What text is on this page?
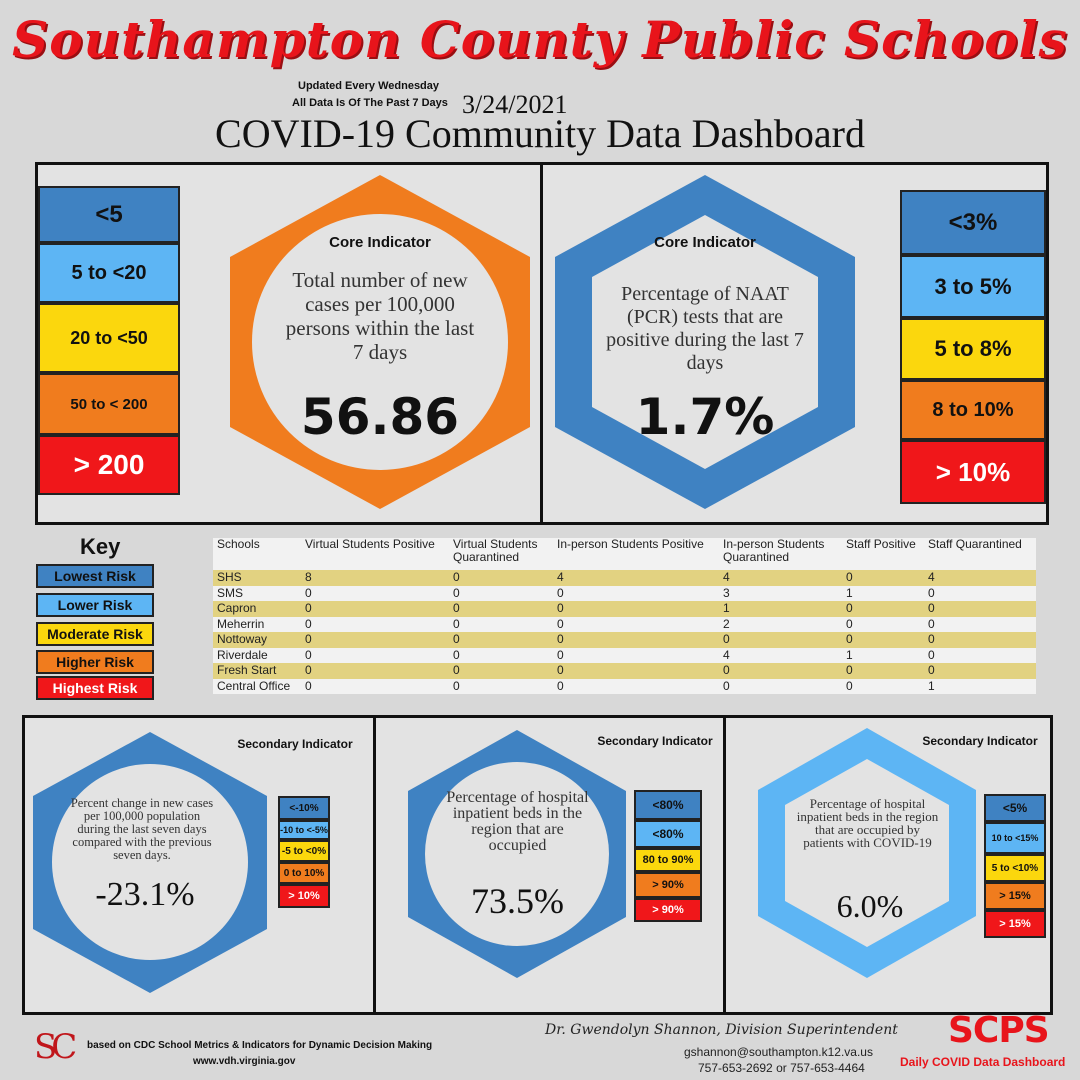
Southampton County Public Schools
Updated Every Wednesday
All Data Is Of The Past 7 Days 3/24/2021
COVID-19 Community Data Dashboard
<5
5 to <20
20 to <50
50 to < 200
> 200
Core Indicator
Total number of new cases per 100,000 persons within the last 7 days
56.86
Core Indicator
Percentage of NAAT (PCR) tests that are positive during the last 7 days
1.7%
<3%
3 to 5%
5 to 8%
8 to 10%
> 10%
Key
Lowest Risk
Lower Risk
Moderate Risk
Higher Risk
Highest Risk
Schools	Virtual Students Positive	Virtual Students Quarantined	In-person Students Positive	In-person Students Quarantined	Staff Positive	Staff Quarantined
SHS	8	0	4	4	0	4
SMS	0	0	0	3	1	0
Capron	0	0	0	1	0	0
Meherrin	0	0	0	2	0	0
Nottoway	0	0	0	0	0	0
Riverdale	0	0	0	4	1	0
Fresh Start	0	0	0	0	0	0
Central Office	0	0	0	0	0	1
Secondary Indicator
Percent change in new cases per 100,000 population during the last seven days compared with the previous seven days.
-23.1%
<-10%
-10 to <-5%
-5 to <0%
0 to 10%
> 10%
Secondary Indicator
Percentage of hospital inpatient beds in the region that are occupied
73.5%
<80%
<80%
80 to 90%
> 90%
> 90%
Secondary Indicator
Percentage of hospital inpatient beds in the region that are occupied by patients with COVID-19
6.0%
<5%
10 to <15%
5 to <10%
> 15%
> 15%
SC based on CDC School Metrics & Indicators for Dynamic Decision Making
www.vdh.virginia.gov
Dr. Gwendolyn Shannon, Division Superintendent
gshannon@southampton.k12.va.us
757-653-2692 or 757-653-4464
SCPS
Daily COVID Data Dashboard
